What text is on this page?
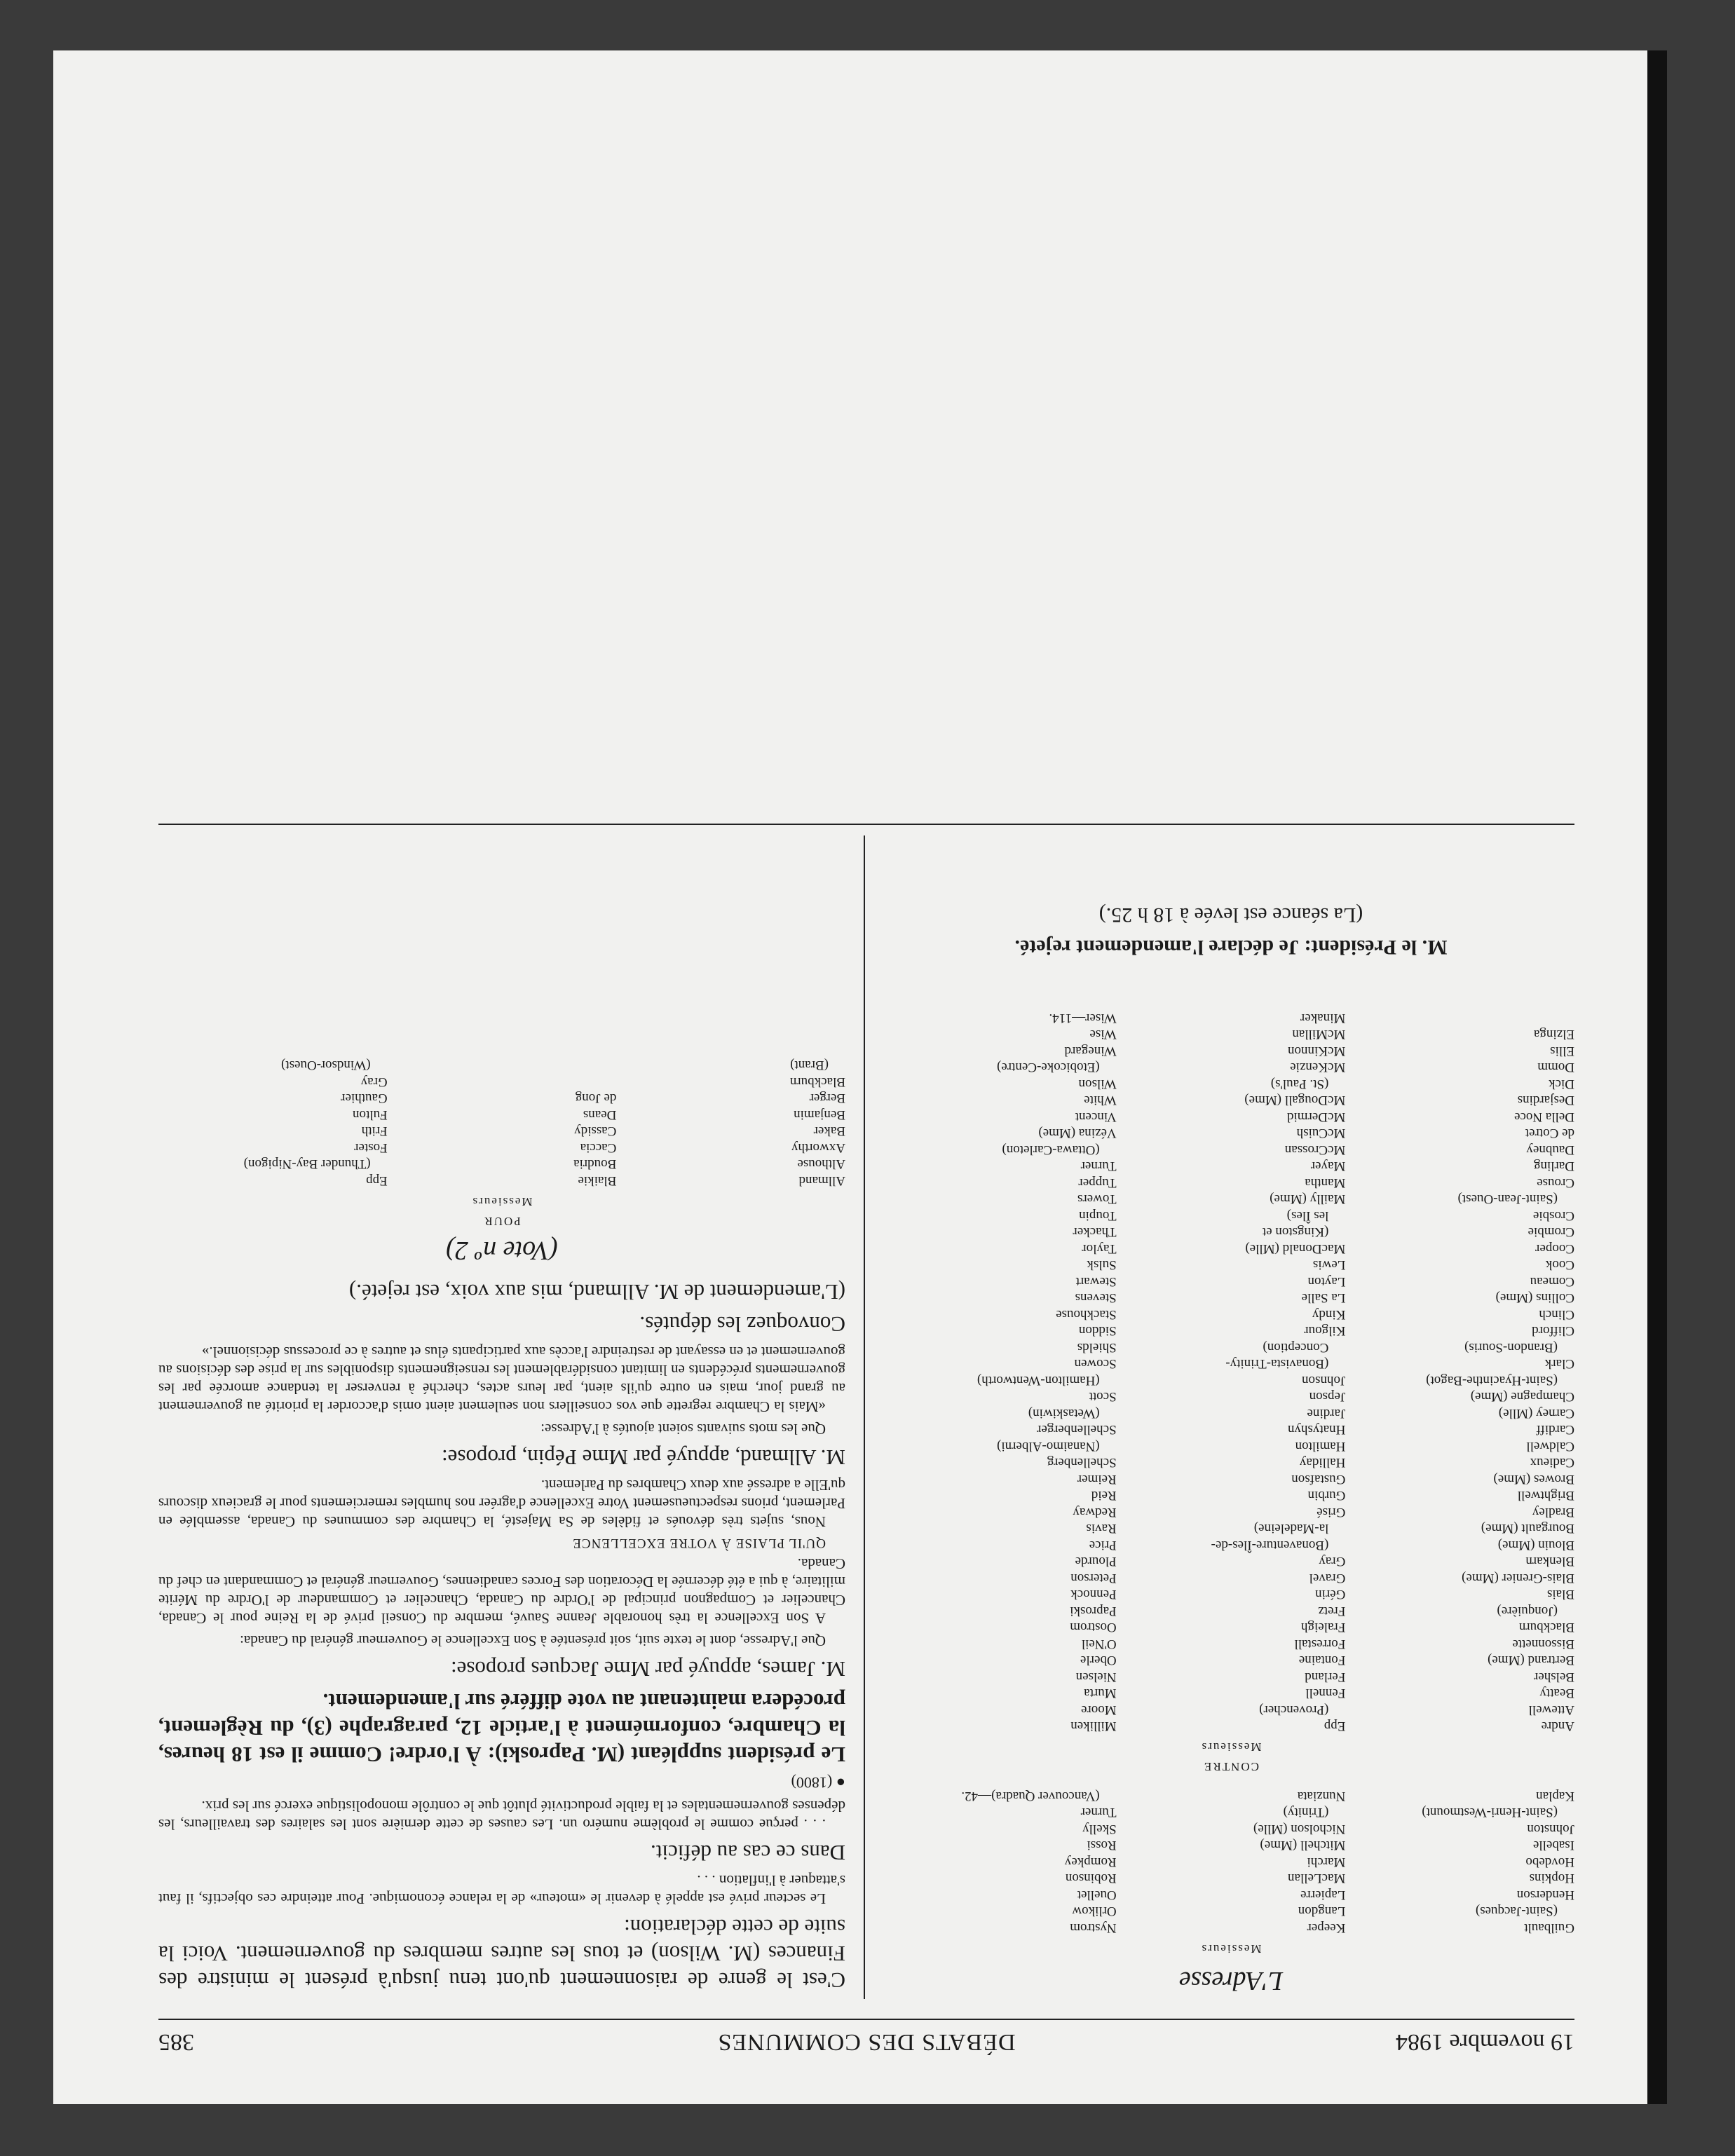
19 novembre 1984
DÉBATS DES COMMUNES
385
L'Adresse
Messieurs
Guilbault
Keeper
Nystrom
(Saint-Jacques)
Langdon
Orlikow
Henderson
Lapierre
Ouellet
Hopkins
MacLellan
Robinson
Hovdebo
Marchi
Rompkey
Isabelle
Mitchell (Mme)
Rossi
Johnston
Nicholson (Mlle)
Skelly
(Saint-Henri-Westmount)
(Trinity)
Turner
Kaplan
Nunziata
(Vancouver Quadra)—42.
CONTRE
Messieurs
Andre
Epp
Milliken
Attewell
(Provencher)
Moore
Beatty
Fennell
Murta
Belsher
Ferland
Nielsen
Bertrand (Mme)
Fontaine
Oberle
Bissonnette
Forrestall
O'Neil
Blackburn
Fraleigh
Oostrom
(Jonquière)
Fretz
Paproski
Blais
Gérin
Pennock
Blais-Grenier (Mme)
Gravel
Peterson
Blenkarn
Gray
Plourde
Blouin (Mme)
(Bonaventure-Îles-de-
Price
Bourgault (Mme)
la-Madeleine)
Ravis
Bradley
Grisé
Redway
Brightwell
Gurbin
Reid
Browes (Mme)
Gustafson
Reimer
Cadieux
Halliday
Schellenberg
Caldwell
Hamilton
(Nanaimo-Alberni)
Cardiff
Hnatyshyn
Schellenberger
Carney (Mlle)
Jardine
(Wetaskiwin)
Champagne (Mme)
Jepson
Scott
(Saint-Hyacinthe-Bagot)
Johnson
(Hamilton-Wentworth)
Clark
(Bonavista-Trinity-
Scowen
(Brandon-Souris)
Conception)
Shields
Clifford
Kilgour
Siddon
Clinch
Kindy
Stackhouse
Collins (Mme)
La Salle
Stevens
Comeau
Layton
Stewart
Cook
Lewis
Sulsk
Cooper
MacDonald (Mlle)
Taylor
Crombie
(Kingston et
Thacker
Crosbie
les Îles)
Toupin
(Saint-Jean-Ouest)
Mailly (Mme)
Towers
Crouse
Mantha
Tupper
Darling
Mayer
Turner
Daubney
McCrossan
(Ottawa-Carleton)
de Cotret
McCuish
Vézina (Mme)
Della Noce
McDermid
Vincent
Desjardins
McDougall (Mme)
White
Dick
(St. Paul's)
Wilson
Domm
McKenzie
(Etobicoke-Centre)
Ellis
McKinnon
Winegard
Elzinga
McMillan
Wise
Minaker
Wiser—114.
M. le Président: Je déclare l'amendement rejeté.
(La séance est levée à 18 h 25.)
C'est le genre de raisonnement qu'ont tenu jusqu'à présent le ministre des Finances (M. Wilson) et tous les autres membres du gouvernement. Voici la suite de cette déclaration:
Le secteur privé est appelé à devenir le «moteur» de la relance économique. Pour atteindre ces objectifs, il faut s'attaquer à l'inflation . . .
Dans ce cas au déficit.
. . . perçue comme le problème numéro un. Les causes de cette dernière sont les salaires des travailleurs, les dépenses gouvernementales et la faible productivité plutôt que le contrôle monopolistique exercé sur les prix.
● (1800)
Le président suppléant (M. Paproski): À l'ordre! Comme il est 18 heures, la Chambre, conformément à l'article 12, paragraphe (3), du Règlement, procédera maintenant au vote différé sur l'amendement.
M. James, appuyé par Mme Jacques propose:
Que l'Adresse, dont le texte suit, soit présentée à Son Excellence le Gouverneur général du Canada:
A Son Excellence la très honorable Jeanne Sauvé, membre du Conseil privé de la Reine pour le Canada, Chancelier et Compagnon principal de l'Ordre du Canada, Chancelier et Commandeur de l'Ordre du Mérite militaire, à qui a été décernée la Décoration des Forces canadiennes, Gouverneur général et Commandant en chef du Canada.
QU'IL PLAISE À VOTRE EXCELLENCE
Nous, sujets très dévoués et fidèles de Sa Majesté, la Chambre des communes du Canada, assemblée en Parlement, prions respectueusement Votre Excellence d'agréer nos humbles remerciements pour le gracieux discours qu'Elle a adressé aux deux Chambres du Parlement.
M. Allmand, appuyé par Mme Pépin, propose:
Que les mots suivants soient ajoutés à l'Adresse:
«Mais la Chambre regrette que vos conseillers non seulement aient omis d'accorder la priorité au gouvernement au grand jour, mais en outre qu'ils aient, par leurs actes, cherché à renverser la tendance amorcée par les gouvernements précédents en limitant considérablement les renseignements disponibles sur la prise des décisions au gouvernement et en essayant de restreindre l'accès aux participants élus et autres à ce processus décisionnel.»
Convoquez les députés.
(L'amendement de M. Allmand, mis aux voix, est rejeté.)
(Vote nº 2)
POUR
Messieurs
Allmand
Blaikie
Epp
Althouse
Boudria
(Thunder Bay-Nipigon)
Axworthy
Caccia
Foster
Baker
Cassidy
Frith
Benjamin
Deans
Fulton
Berger
de Jong
Gauthier
Blackburn
Gray
(Brant)
(Windsor-Ouest)
